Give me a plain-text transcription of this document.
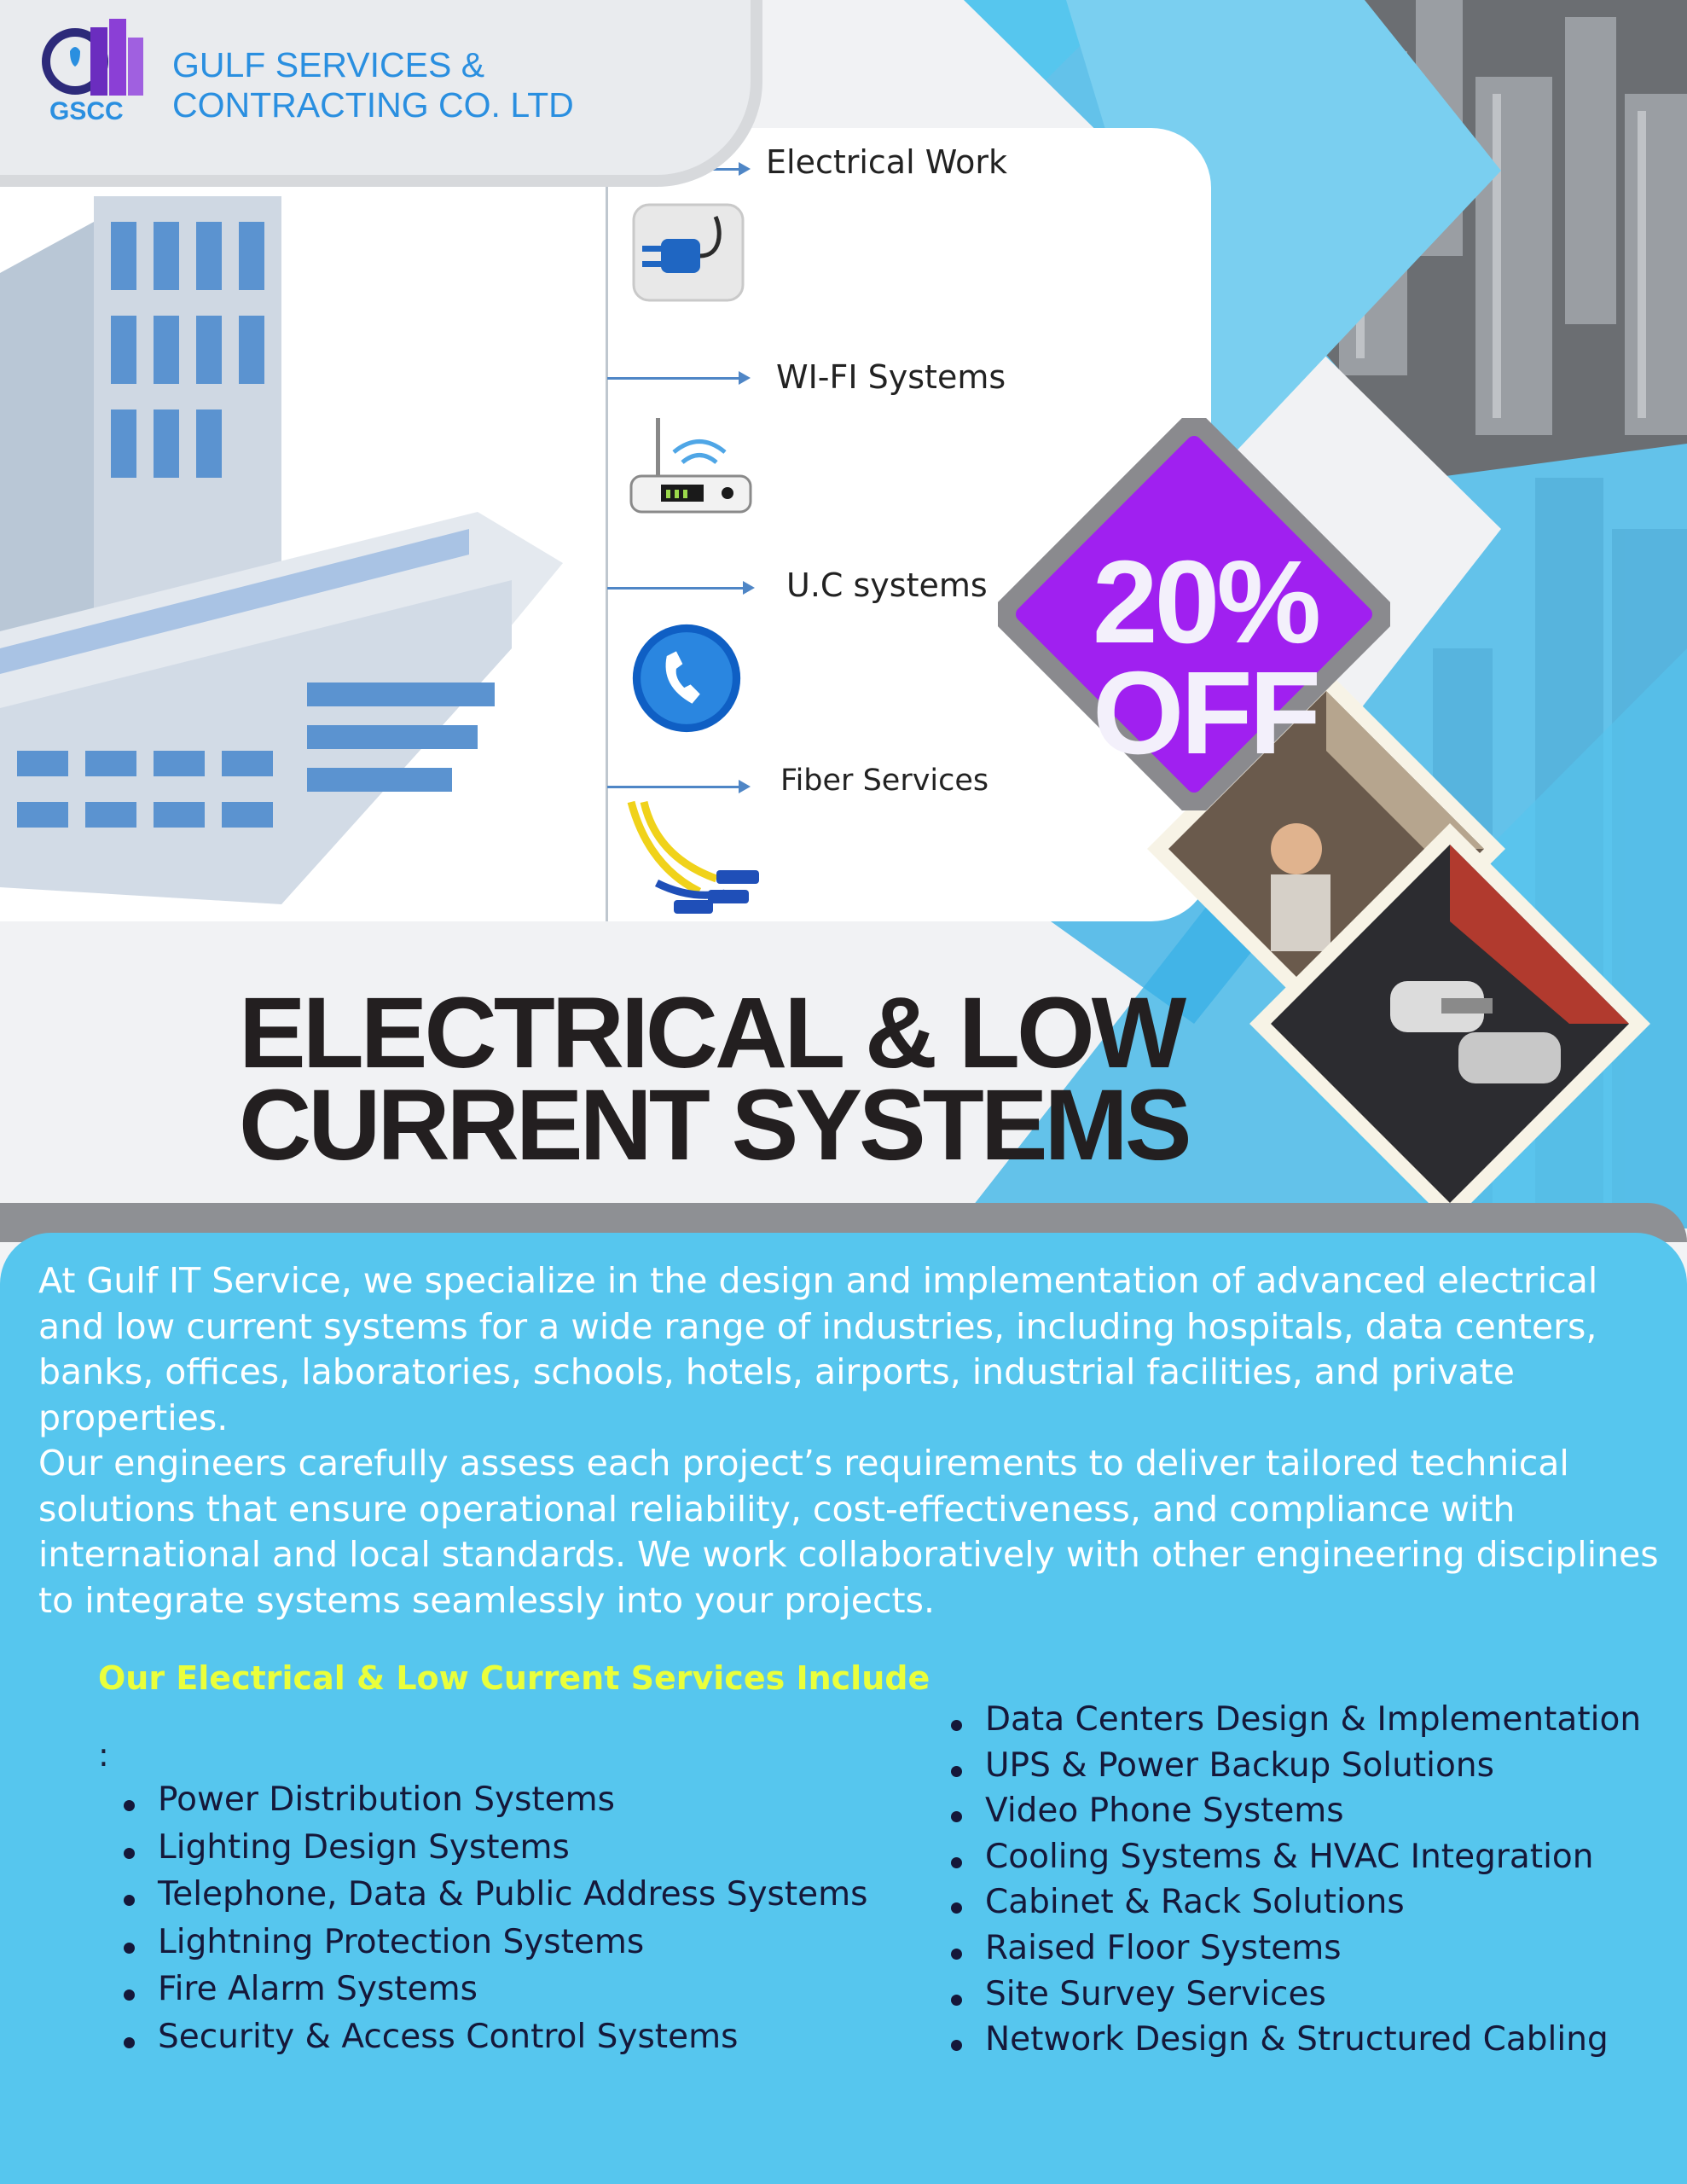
Electrical Work
WI-FI Systems
U.C systems
Fiber Services
GSCC
GULF SERVICES &
CONTRACTING CO. LTD
20%
OFF
ELECTRICAL & LOW
CURRENT SYSTEMS

At Gulf IT Service, we specialize in the design and implementation of advanced electrical and low current systems for a wide range of industries, including hospitals, data centers, banks, offices, laboratories, schools, hotels, airports, industrial facilities, and private properties.

Our engineers carefully assess each project’s requirements to deliver tailored technical solutions that ensure operational reliability, cost-effectiveness, and compliance with international and local standards. We work collaboratively with other engineering disciplines to integrate systems seamlessly into your projects.

Our Electrical & Low Current Services Include
:
Power Distribution Systems
Lighting Design Systems
Telephone, Data & Public Address Systems
Lightning Protection Systems
Fire Alarm Systems
Security & Access Control Systems
Data Centers Design & Implementation
UPS & Power Backup Solutions
Video Phone Systems
Cooling Systems & HVAC Integration
Cabinet & Rack Solutions
Raised Floor Systems
Site Survey Services
Network Design & Structured Cabling
